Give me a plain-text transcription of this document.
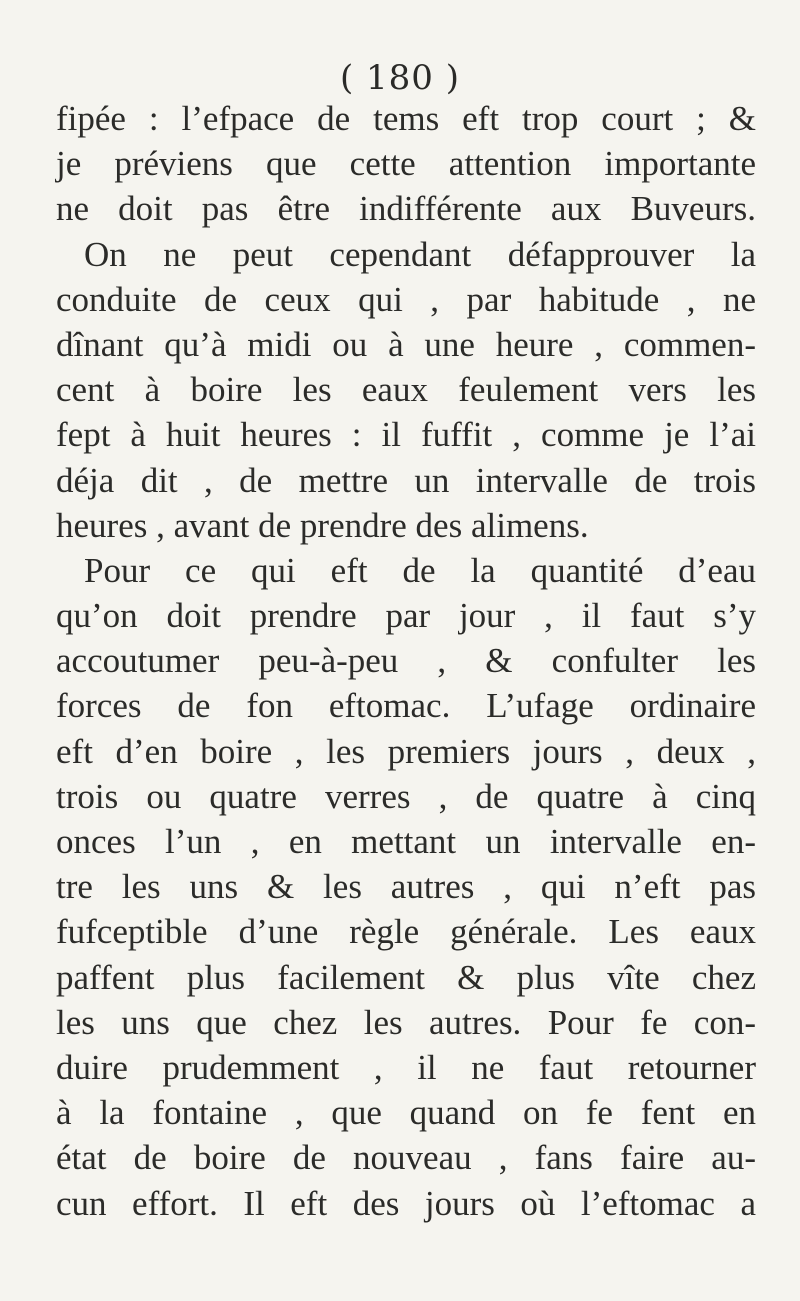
( 180 )
fipée : l’efpace de tems eft trop court ; &
je préviens que cette attention importante
ne doit pas être indifférente aux Buveurs.
On ne peut cependant défapprouver la
conduite de ceux qui , par habitude , ne
dînant qu’à midi ou à une heure , commen-
cent à boire les eaux feulement vers les
fept à huit heures : il fuffit , comme je l’ai
déja dit , de mettre un intervalle de trois
heures , avant de prendre des alimens.
Pour ce qui eft de la quantité d’eau
qu’on doit prendre par jour , il faut s’y
accoutumer peu-à-peu , & confulter les
forces de fon eftomac. L’ufage ordinaire
eft d’en boire , les premiers jours , deux ,
trois ou quatre verres , de quatre à cinq
onces l’un , en mettant un intervalle en-
tre les uns & les autres , qui n’eft pas
fufceptible d’une règle générale. Les eaux
paffent plus facilement & plus vîte chez
les uns que chez les autres. Pour fe con-
duire prudemment , il ne faut retourner
à la fontaine , que quand on fe fent en
état de boire de nouveau , fans faire au-
cun effort. Il eft des jours où l’eftomac a
